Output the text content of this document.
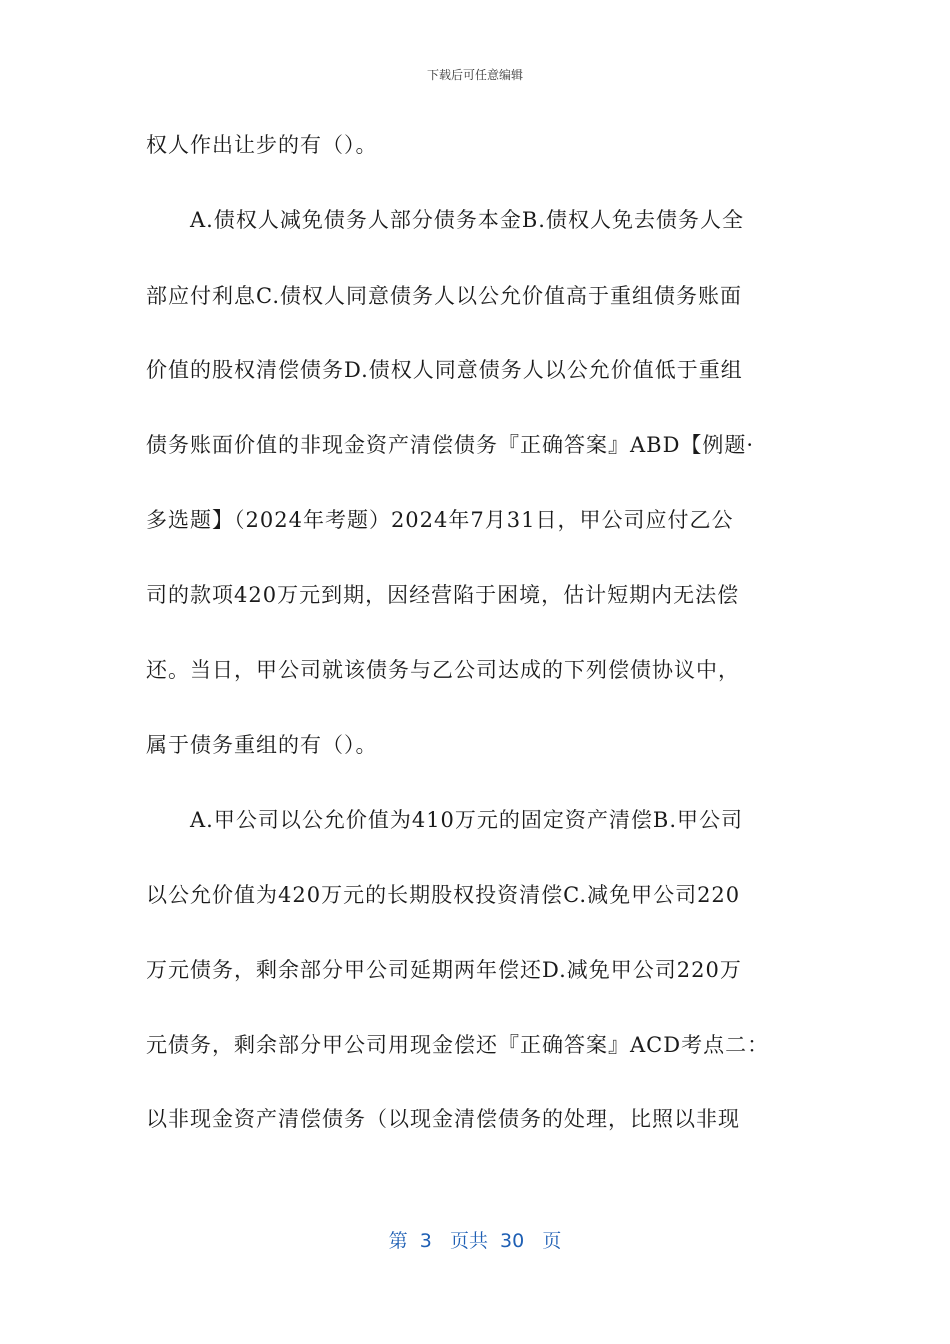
下载后可任意编辑
权人作出让步的有（）。
A.债权人减免债务人部分债务本金B.债权人免去债务人全
部应付利息C.债权人同意债务人以公允价值高于重组债务账面
价值的股权清偿债务D.债权人同意债务人以公允价值低于重组
债务账面价值的非现金资产清偿债务『正确答案』ABD【例题·
多选题】（2024年考题）2024年7月31日，甲公司应付乙公
司的款项420万元到期，因经营陷于困境，估计短期内无法偿
还。当日，甲公司就该债务与乙公司达成的下列偿债协议中，
属于债务重组的有（）。
A.甲公司以公允价值为410万元的固定资产清偿B.甲公司
以公允价值为420万元的长期股权投资清偿C.减免甲公司220
万元债务，剩余部分甲公司延期两年偿还D.减免甲公司220万
元债务，剩余部分甲公司用现金偿还『正确答案』ACD考点二：
以非现金资产清偿债务（以现金清偿债务的处理，比照以非现
第  3   页共  30   页
